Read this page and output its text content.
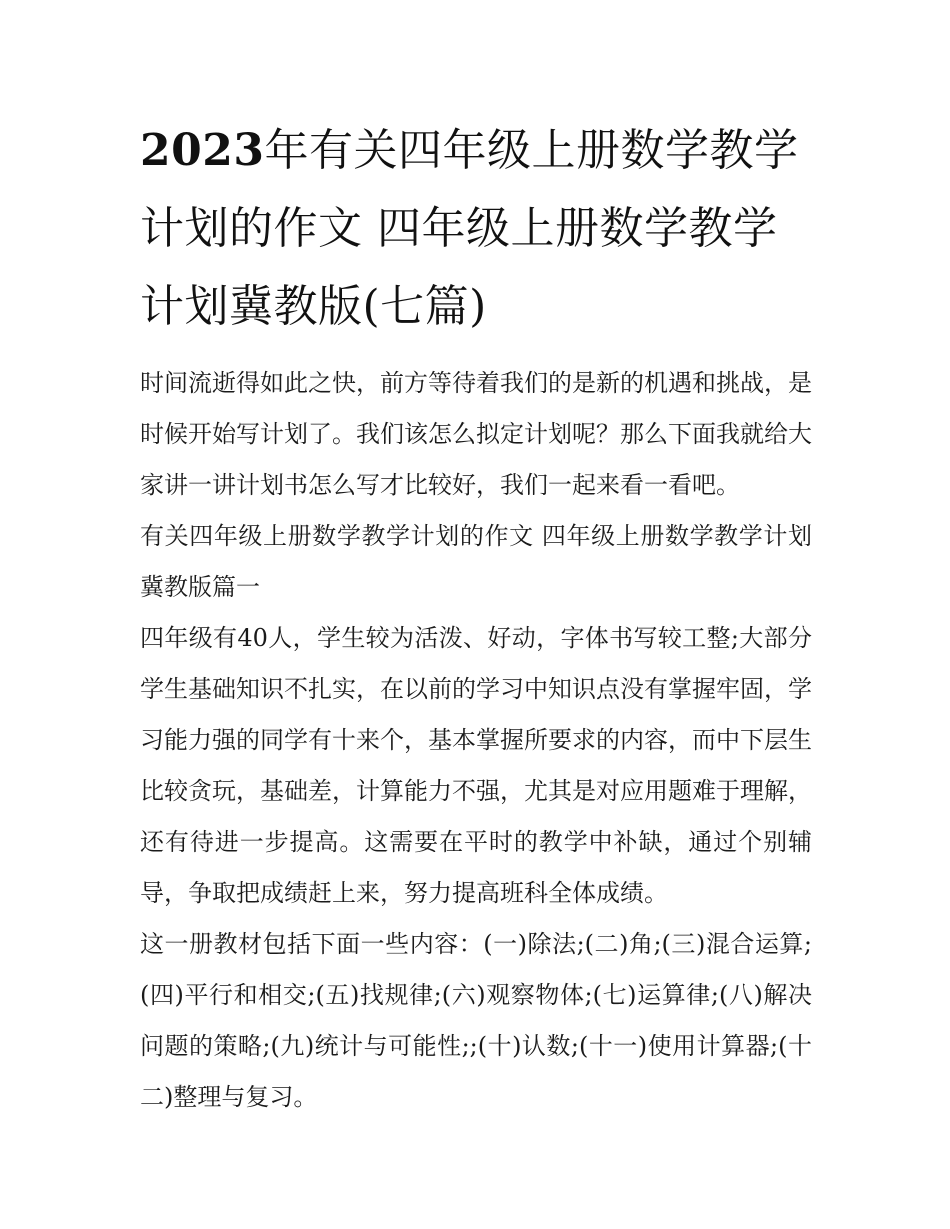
2023年有关四年级上册数学教学计划的作文 四年级上册数学教学计划冀教版(七篇)

时间流逝得如此之快，前方等待着我们的是新的机遇和挑战，是时候开始写计划了。我们该怎么拟定计划呢？那么下面我就给大家讲一讲计划书怎么写才比较好，我们一起来看一看吧。

有关四年级上册数学教学计划的作文 四年级上册数学教学计划冀教版篇一

四年级有40人，学生较为活泼、好动，字体书写较工整;大部分学生基础知识不扎实，在以前的学习中知识点没有掌握牢固，学习能力强的同学有十来个，基本掌握所要求的内容，而中下层生比较贪玩，基础差，计算能力不强，尤其是对应用题难于理解，还有待进一步提高。这需要在平时的教学中补缺，通过个别辅导，争取把成绩赶上来，努力提高班科全体成绩。

这一册教材包括下面一些内容：(一)除法;(二)角;(三)混合运算;(四)平行和相交;(五)找规律;(六)观察物体;(七)运算律;(八)解决问题的策略;(九)统计与可能性;;(十)认数;(十一)使用计算器;(十二)整理与复习。
